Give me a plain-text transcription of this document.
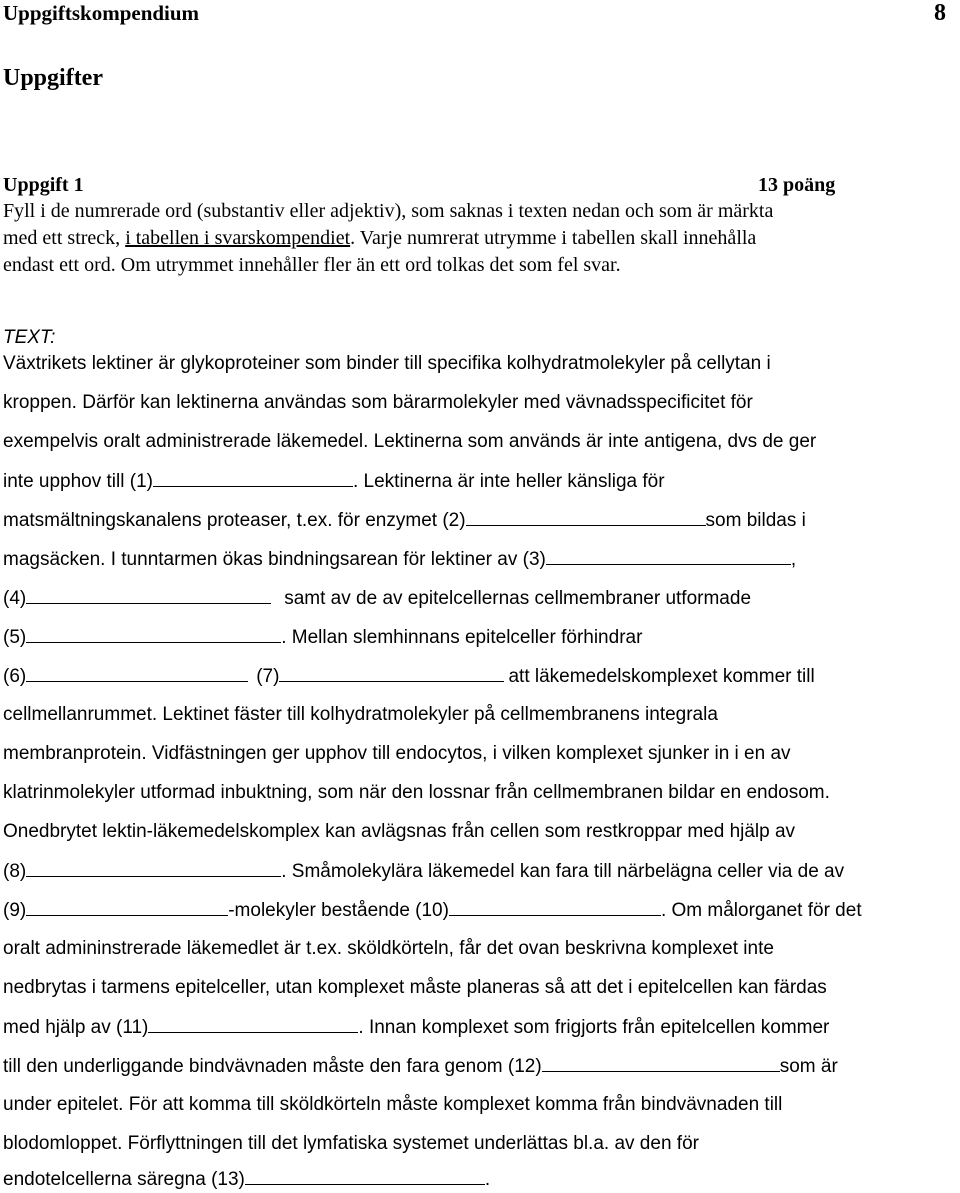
Uppgiftskompendium	8
Uppgifter
Uppgift 1	13 poäng
Fyll i de numrerade ord (substantiv eller adjektiv), som saknas i texten nedan och som är märkta
med ett streck, i tabellen i svarskompendiet. Varje numrerat utrymme i tabellen skall innehålla
endast ett ord. Om utrymmet innehåller fler än ett ord tolkas det som fel svar.
TEXT:
Växtrikets lektiner är glykoproteiner som binder till specifika kolhydratmolekyler på cellytan i
kroppen. Därför kan lektinerna användas som bärarmolekyler med vävnadsspecificitet för
exempelvis oralt administrerade läkemedel. Lektinerna som används är inte antigena, dvs de ger
inte upphov till (1)	. Lektinerna är inte heller känsliga för
matsmältningskanalens proteaser, t.ex. för enzymet (2)	som bildas i
magsäcken. I tunntarmen ökas bindningsarean för lektiner av (3)	,
(4)	samt av de av epitelcellernas cellmembraner utformade
(5)	. Mellan slemhinnans epitelceller förhindrar
(6)	(7)	att läkemedelskomplexet kommer till
cellmellanrummet. Lektinet fäster till kolhydratmolekyler på cellmembranens integrala
membranprotein. Vidfästningen ger upphov till endocytos, i vilken komplexet sjunker in i en av
klatrinmolekyler utformad inbuktning, som när den lossnar från cellmembranen bildar en endosom.
Onedbrytet lektin-läkemedelskomplex kan avlägsnas från cellen som restkroppar med hjälp av
(8)	. Småmolekylära läkemedel kan fara till närbelägna celler via de av
(9)	-molekyler bestående (10)	. Om målorganet för det
oralt admininstrerade läkemedlet är t.ex. sköldkörteln, får det ovan beskrivna komplexet inte
nedbrytas i tarmens epitelceller, utan komplexet måste planeras så att det i epitelcellen kan färdas
med hjälp av (11)	. Innan komplexet som frigjorts från epitelcellen kommer
till den underliggande bindvävnaden måste den fara genom (12)	som är
under epitelet. För att komma till sköldkörteln måste komplexet komma från bindvävnaden till
blodomloppet. Förflyttningen till det lymfatiska systemet underlättas bl.a. av den för
endotelcellerna säregna (13)	.
